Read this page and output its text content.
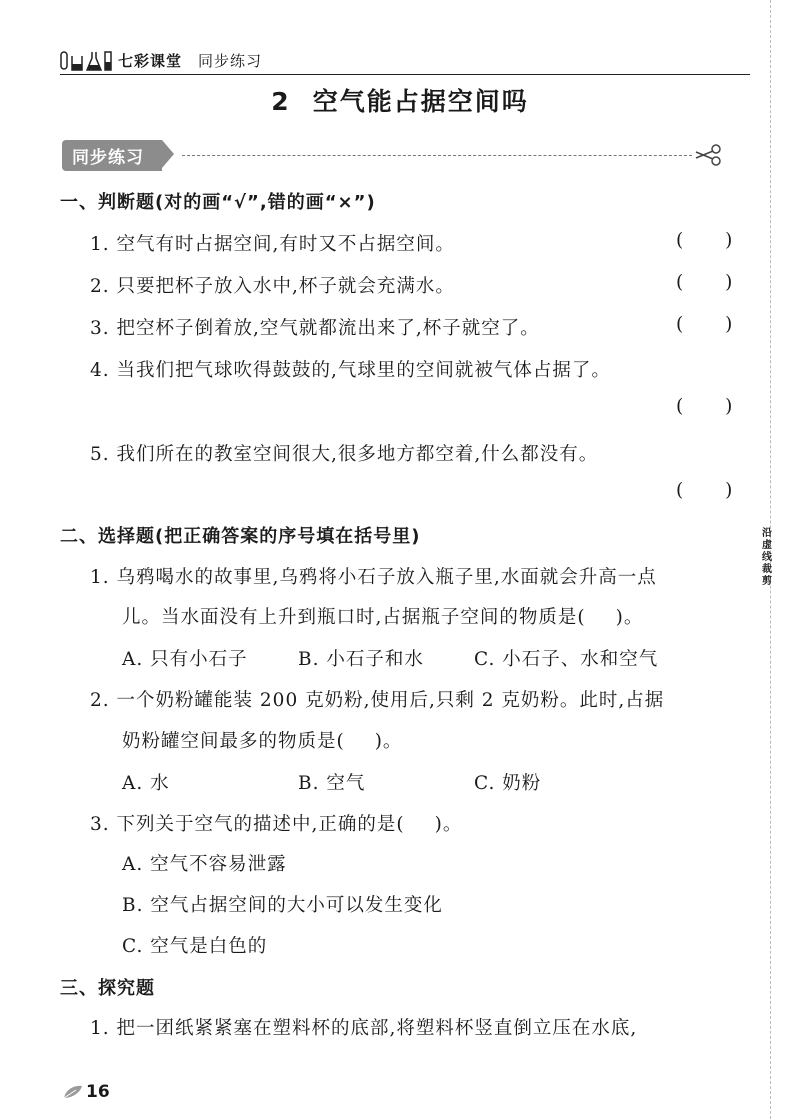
七彩课堂 同步练习
2 空气能占据空间吗
同步练习
一、判断题(对的画“√”,错的画“×”)
1. 空气有时占据空间,有时又不占据空间。	( )
2. 只要把杯子放入水中,杯子就会充满水。	( )
3. 把空杯子倒着放,空气就都流出来了,杯子就空了。	( )
4. 当我们把气球吹得鼓鼓的,气球里的空间就被气体占据了。
( )
5. 我们所在的教室空间很大,很多地方都空着,什么都没有。
( )
二、选择题(把正确答案的序号填在括号里)
1. 乌鸦喝水的故事里,乌鸦将小石子放入瓶子里,水面就会升高一点
儿。当水面没有上升到瓶口时,占据瓶子空间的物质是( )。
A. 只有小石子	B. 小石子和水	C. 小石子、水和空气
2. 一个奶粉罐能装 200 克奶粉,使用后,只剩 2 克奶粉。此时,占据
奶粉罐空间最多的物质是( )。
A. 水	B. 空气	C. 奶粉
3. 下列关于空气的描述中,正确的是( )。
A. 空气不容易泄露
B. 空气占据空间的大小可以发生变化
C. 空气是白色的
三、探究题
1. 把一团纸紧紧塞在塑料杯的底部,将塑料杯竖直倒立压在水底,
沿
虚
线
裁
剪
16
